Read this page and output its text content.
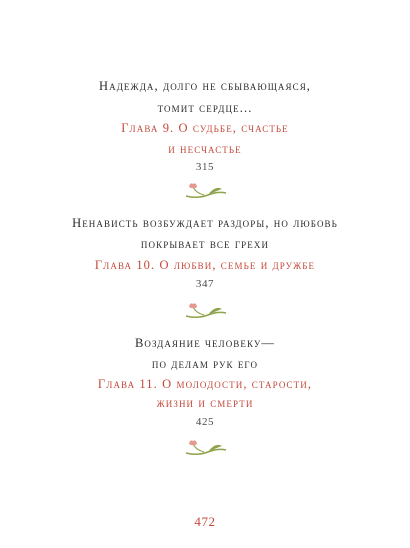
Надежда, долго не сбывающаяся,
томит сердце...
Глава 9. О судьбе, счастье
и несчастье
315
Ненависть возбуждает раздоры, но любовь
покрывает все грехи
Глава 10. О любви, семье и дружбе
347
Воздаяние человеку—
по делам рук его
Глава 11. О молодости, старости,
жизни и смерти
425
472
